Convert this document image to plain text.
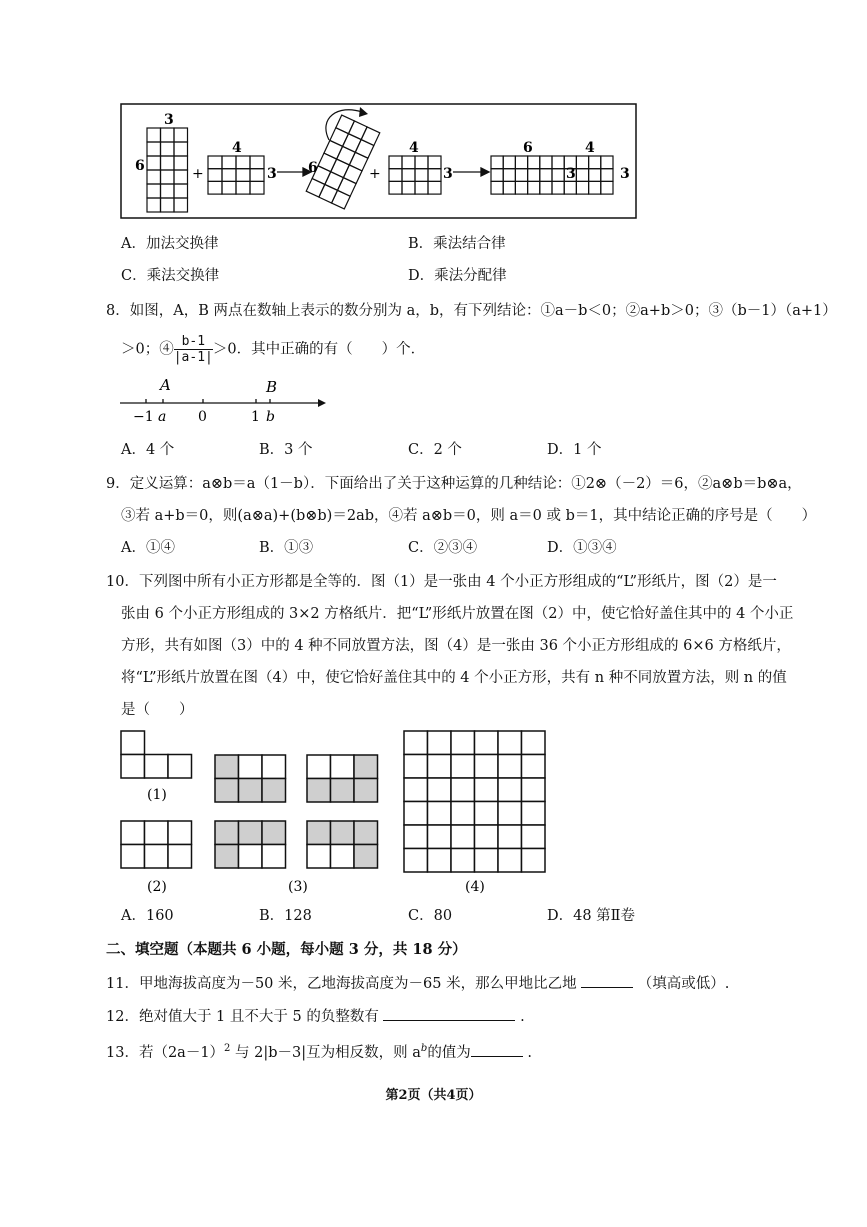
3
6	+
4
3 6	+
4
3
6	4
3	3
A．加法交换律	B．乘法结合律
C．乘法交换律	D．乘法分配律
8．如图，A，B 两点在数轴上表示的数分别为 a，b，有下列结论：①a－b＜0；②a+b＞0；③（b－1）（a+1）
＞0；④ $\frac{b-1}{|a-1|} >0$．其中正确的有（　　）个．
A	B
−1 a 0	1 b
A．4 个	B．3 个	C．2 个	D．1 个
9．定义运算：a⊗b＝a（1－b）．下面给出了关于这种运算的几种结论：①2⊗（－2）＝6，②a⊗b＝b⊗a，
③若 a+b＝0，则(a⊗a)+(b⊗b)＝2ab，④若 a⊗b＝0，则 a＝0 或 b＝1，其中结论正确的序号是（　　）
A．①④	B．①③	C．②③④	D．①③④
10．下列图中所有小正方形都是全等的．图（1）是一张由 4 个小正方形组成的“L”形纸片，图（2）是一
张由 6 个小正方形组成的 3×2 方格纸片．把“L”形纸片放置在图（2）中，使它恰好盖住其中的 4 个小正
方形，共有如图（3）中的 4 种不同放置方法，图（4）是一张由 36 个小正方形组成的 6×6 方格纸片，
将“L”形纸片放置在图（4）中，使它恰好盖住其中的 4 个小正方形，共有 n 种不同放置方法，则 n 的值
是（　　）
(1)
(2)	(3)	(4)
A．160	B．128	C．80	D．48 第Ⅱ卷
二、填空题（本题共 6 小题，每小题 3 分，共 18 分）
11．甲地海拔高度为－50 米，乙地海拔高度为－65 米，那么甲地比乙地	（填高或低）.
12．绝对值大于 1 且不大于 5 的负整数有	.
13．若$(2a-1)^2$ 与 2|b－3|互为相反数，则 $a^b$的值为	.
第2页（共4页）
